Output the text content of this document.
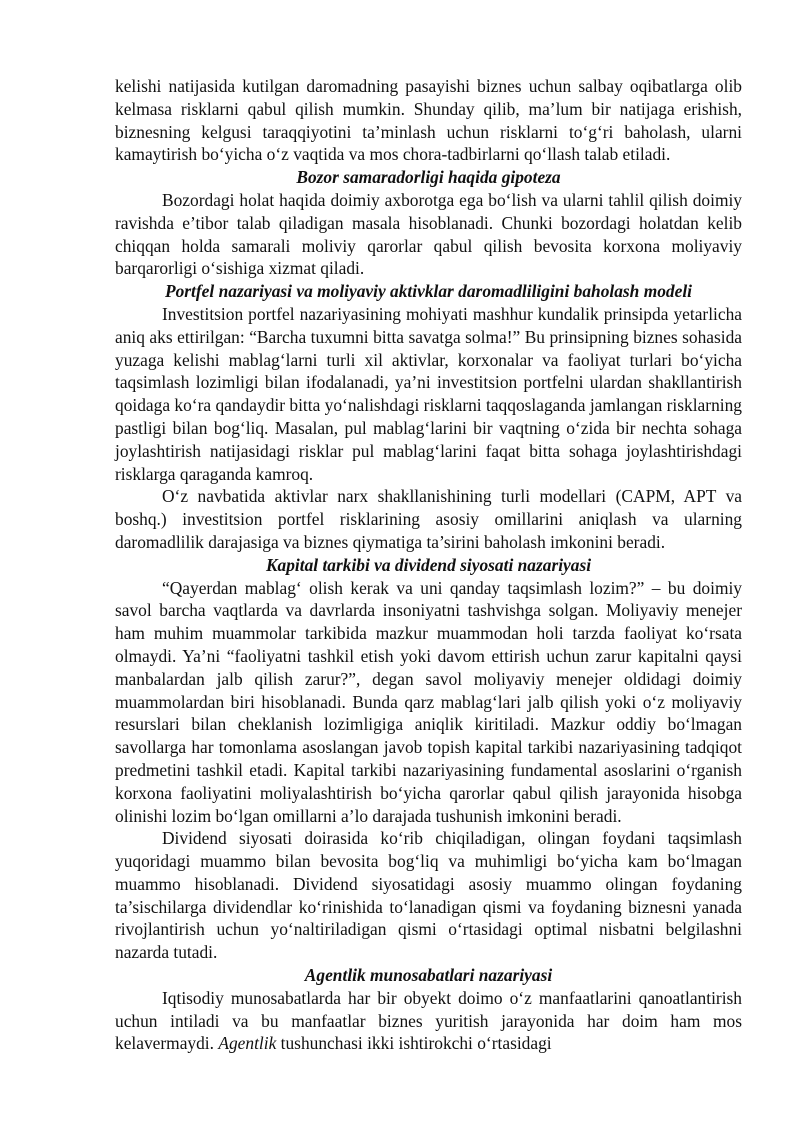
kelishi natijasida kutilgan daromadning pasayishi biznes uchun salbay oqibatlarga olib kelmasa risklarni qabul qilish mumkin. Shunday qilib, ma’lum bir natijaga erishish, biznesning kelgusi taraqqiyotini ta’minlash uchun risklarni to‘g‘ri baholash, ularni kamaytirish bo‘yicha o‘z vaqtida va mos chora-tadbirlarni qo‘llash talab etiladi.

Bozor samaradorligi haqida gipoteza

Bozordagi holat haqida doimiy axborotga ega bo‘lish va ularni tahlil qilish doimiy ravishda e’tibor talab qiladigan masala hisoblanadi. Chunki bozordagi holatdan kelib chiqqan holda samarali moliviy qarorlar qabul qilish bevosita korxona moliyaviy barqarorligi o‘sishiga xizmat qiladi.

Portfel nazariyasi va moliyaviy aktivklar daromadliligini baholash modeli

Investitsion portfel nazariyasining mohiyati mashhur kundalik prinsipda yetarlicha aniq aks ettirilgan: “Barcha tuxumni bitta savatga solma!” Bu prinsipning biznes sohasida yuzaga kelishi mablag‘larni turli xil aktivlar, korxonalar va faoliyat turlari bo‘yicha taqsimlash lozimligi bilan ifodalanadi, ya’ni investitsion portfelni ulardan shakllantirish qoidaga ko‘ra qandaydir bitta yo‘nalishdagi risklarni taqqoslaganda jamlangan risklarning pastligi bilan bog‘liq. Masalan, pul mablag‘larini bir vaqtning o‘zida bir nechta sohaga joylashtirish natijasidagi risklar pul mablag‘larini faqat bitta sohaga joylashtirishdagi risklarga qaraganda kamroq.

O‘z navbatida aktivlar narx shakllanishining turli modellari (CAPM, APT va boshq.) investitsion portfel risklarining asosiy omillarini aniqlash va ularning daromadlilik darajasiga va biznes qiymatiga ta’sirini baholash imkonini beradi.

Kapital tarkibi va dividend siyosati nazariyasi

“Qayerdan mablag‘ olish kerak va uni qanday taqsimlash lozim?” – bu doimiy savol barcha vaqtlarda va davrlarda insoniyatni tashvishga solgan. Moliyaviy menejer ham muhim muammolar tarkibida mazkur muammodan holi tarzda faoliyat ko‘rsata olmaydi. Ya’ni “faoliyatni tashkil etish yoki davom ettirish uchun zarur kapitalni qaysi manbalardan jalb qilish zarur?”, degan savol moliyaviy menejer oldidagi doimiy muammolardan biri hisoblanadi. Bunda qarz mablag‘lari jalb qilish yoki o‘z moliyaviy resurslari bilan cheklanish lozimligiga aniqlik kiritiladi. Mazkur oddiy bo‘lmagan savollarga har tomonlama asoslangan javob topish kapital tarkibi nazariyasining tadqiqot predmetini tashkil etadi. Kapital tarkibi nazariyasining fundamental asoslarini o‘rganish korxona faoliyatini moliyalashtirish bo‘yicha qarorlar qabul qilish jarayonida hisobga olinishi lozim bo‘lgan omillarni a’lo darajada tushunish imkonini beradi.

Dividend siyosati doirasida ko‘rib chiqiladigan, olingan foydani taqsimlash yuqoridagi muammo bilan bevosita bog‘liq va muhimligi bo‘yicha kam bo‘lmagan muammo hisoblanadi. Dividend siyosatidagi asosiy muammo olingan foydaning ta’sischilarga dividendlar ko‘rinishida to‘lanadigan qismi va foydaning biznesni yanada rivojlantirish uchun yo‘naltiriladigan qismi o‘rtasidagi optimal nisbatni belgilashni nazarda tutadi.

Agentlik munosabatlari nazariyasi

Iqtisodiy munosabatlarda har bir obyekt doimo o‘z manfaatlarini qanoatlantirish uchun intiladi va bu manfaatlar biznes yuritish jarayonida har doim ham mos kelavermaydi. Agentlik tushunchasi ikki ishtirokchi o‘rtasidagi
